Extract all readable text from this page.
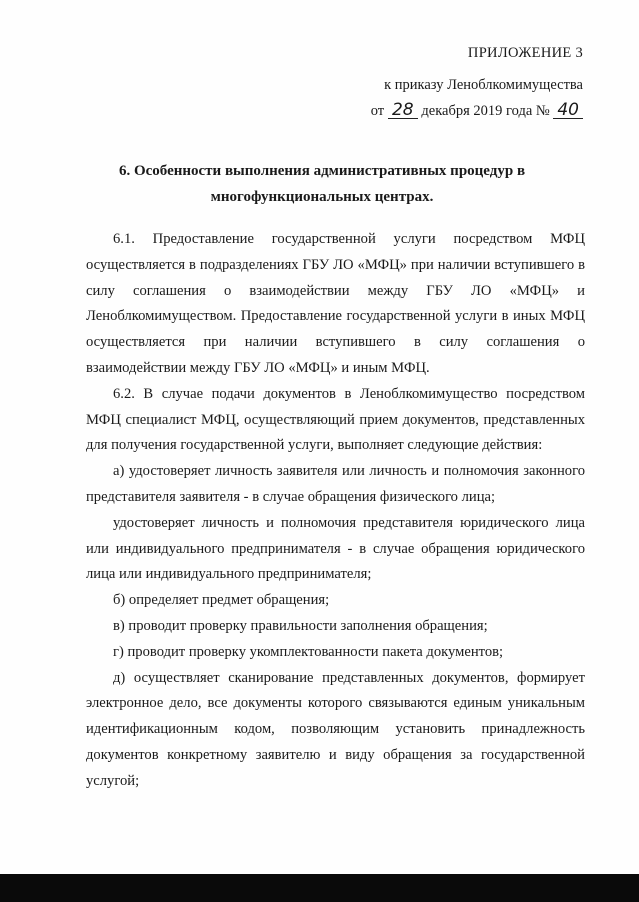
ПРИЛОЖЕНИЕ 3
к приказу Леноблкомимущества
от 28 декабря 2019 года № 40
6. Особенности выполнения административных процедур в
многофункциональных центрах.

6.1. Предоставление государственной услуги посредством МФЦ осуществляется в подразделениях ГБУ ЛО «МФЦ» при наличии вступившего в силу соглашения о взаимодействии между ГБУ ЛО «МФЦ» и Леноблкомимуществом. Предоставление государственной услуги в иных МФЦ осуществляется при наличии вступившего в силу соглашения о взаимодействии между ГБУ ЛО «МФЦ» и иным МФЦ.

6.2. В случае подачи документов в Леноблкомимущество посредством МФЦ специалист МФЦ, осуществляющий прием документов, представленных для получения государственной услуги, выполняет следующие действия:

а) удостоверяет личность заявителя или личность и полномочия законного представителя заявителя - в случае обращения физического лица;

удостоверяет личность и полномочия представителя юридического лица или индивидуального предпринимателя - в случае обращения юридического лица или индивидуального предпринимателя;

б) определяет предмет обращения;

в) проводит проверку правильности заполнения обращения;

г) проводит проверку укомплектованности пакета документов;

д) осуществляет сканирование представленных документов, формирует электронное дело, все документы которого связываются единым уникальным идентификационным кодом, позволяющим установить принадлежность документов конкретному заявителю и виду обращения за государственной услугой;
